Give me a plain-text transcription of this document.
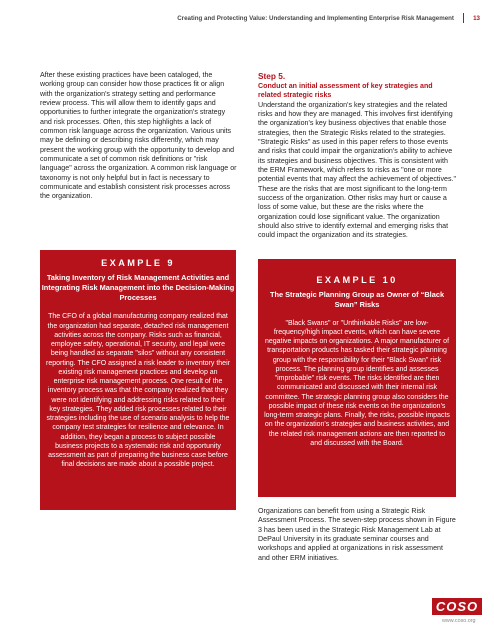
Creating and Protecting Value: Understanding and Implementing Enterprise Risk Management	13

After these existing practices have been cataloged, the working group can consider how those practices fit or align with the organization's strategy setting and performance review process. This will allow them to identify gaps and opportunities to further integrate the organization's strategy and risk processes. Often, this step highlights a lack of common risk language across the organization. Various units may be defining or describing risks differently, which may present the working group with the opportunity to develop and communicate a set of common risk definitions or "risk language" across the organization. A common risk language or taxonomy is not only helpful but in fact is necessary to communicate and establish consistent risk processes across the organization.

EXAMPLE 9

Taking Inventory of Risk Management Activities and Integrating Risk Management into the Decision-Making Processes

The CFO of a global manufacturing company realized that the organization had separate, detached risk management activities across the company. Risks such as financial, employee safety, operational, IT security, and legal were being handled as separate "silos" without any consistent reporting. The CFO assigned a risk leader to inventory their existing risk management practices and develop an enterprise risk management process. One result of the inventory process was that the company realized that they were not identifying and addressing risks related to their key strategies. They added risk processes related to their strategies including the use of scenario analysis to help the company test strategies for resilience and relevance. In addition, they began a process to subject possible business projects to a systematic risk and opportunity assessment as part of preparing the business case before final decisions are made about a possible project.

Step 5.

Conduct an initial assessment of key strategies and related strategic risks

Understand the organization's key strategies and the related risks and how they are managed. This involves first identifying the organization's key business objectives that enable those strategies, then the Strategic Risks related to the strategies. "Strategic Risks" as used in this paper refers to those events and risks that could impair the organization's ability to achieve its strategies and business objectives. This is consistent with the ERM Framework, which refers to risks as "one or more potential events that may affect the achievement of objectives." These are the risks that are most significant to the long-term success of the organization. Other risks may hurt or cause a loss of some value, but these are the risks where the organization could lose significant value. The organization should also strive to identify external and emerging risks that could impact the organization and its strategies.

EXAMPLE 10

The Strategic Planning Group as Owner of “Black Swan” Risks

"Black Swans" or "Unthinkable Risks" are low-frequency/high impact events, which can have severe negative impacts on organizations. A major manufacturer of transportation products has tasked their strategic planning group with the responsibility for their "Black Swan" risk process. The planning group identifies and assesses "improbable" risk events. The risks identified are then communicated and discussed with their internal risk committee. The strategic planning group also considers the possible impact of these risk events on the organization's long-term strategic plans. Finally, the risks, possible impacts on the organization's strategies and business activities, and the related risk management actions are then reported to and discussed with the Board.

Organizations can benefit from using a Strategic Risk Assessment Process. The seven-step process shown in Figure 3 has been used in the Strategic Risk Management Lab at DePaul University in its graduate seminar courses and workshops and applied at organizations in risk assessment and other ERM initiatives.

COSO
www.coso.org
